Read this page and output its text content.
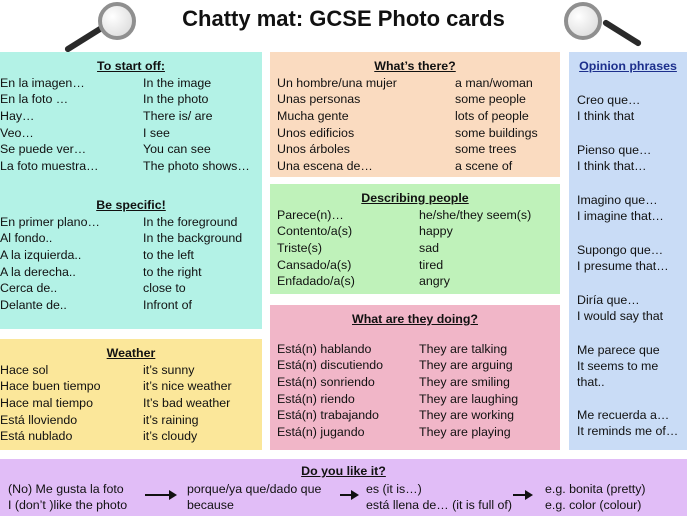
Chatty mat: GCSE Photo cards
To start off:
En la imagen…	In the image
En la foto …	In the photo
Hay…	There is/ are
Veo…	I see
Se puede ver…	You can see
La foto muestra…	The photo shows…
Be specific!
En primer plano…	In the foreground
Al fondo..	In the background
A la izquierda..	to the left
A la derecha..	to the right
Cerca de..	close to
Delante de..	Infront of
Weather
Hace sol	it’s sunny
Hace buen tiempo	it’s nice weather
Hace mal tiempo	It’s bad weather
Está lloviendo	it’s raining
Está nublado	it’s cloudy
What’s there?
Un hombre/una mujer	a man/woman
Unas personas	some people
Mucha gente	lots of people
Unos edificios	some buildings
Unos árboles	some trees
Una escena de…	a scene of
Describing people
Parece(n)…	he/she/they seem(s)
Contento/a(s)	happy
Triste(s)	sad
Cansado/a(s)	tired
Enfadado/a(s)	angry
What are they doing?
Está(n) hablando	They are talking
Está(n) discutiendo	They are arguing
Está(n) sonriendo	They are smiling
Está(n) riendo	They are laughing
Está(n) trabajando	They are working
Está(n) jugando	They are playing
Opinion phrases
Creo que…
I think that
Pienso que…
I think that…
Imagino que…
I imagine that…
Supongo que…
I presume that…
Diría que…
I would say that
Me parece que
It seems to me
that..
Me recuerda a…
It reminds me of…
Do you like it?
(No) Me gusta la foto
I (don’t )like the photo
porque/ya que/dado que
because
es (it is…)
está llena de… (it is full of)
e.g. bonita (pretty)
e.g. color (colour)
